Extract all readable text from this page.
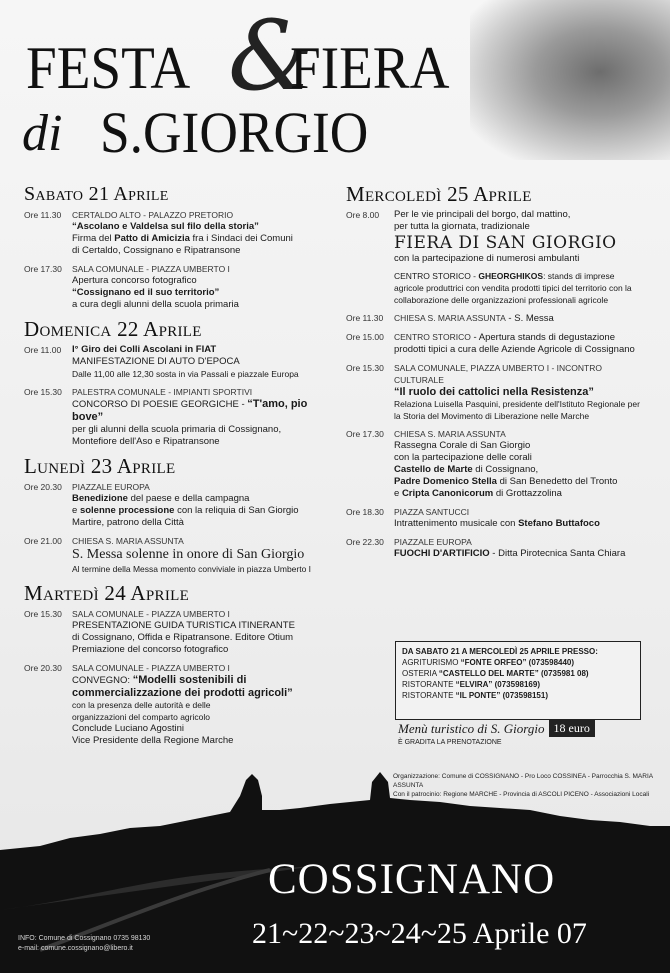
FESTA &
FIERA
di S.GIORGIO
Sabato 21 Aprile
Ore 11.30	CERTALDO ALTO - PALAZZO PRETORIO
“Ascolano e Valdelsa sul filo della storia”
Firma del Patto di Amicizia fra i Sindaci dei Comuni
di Certaldo, Cossignano e Ripatransone
Ore 17.30	SALA COMUNALE - PIAZZA UMBERTO I
Apertura concorso fotografico
“Cossignano ed il suo territorio”
a cura degli alunni della scuola primaria
Domenica 22 Aprile
Ore 11.00	I° Giro dei Colli Ascolani in FIAT
MANIFESTAZIONE DI AUTO D'EPOCA
Dalle 11,00 alle 12,30 sosta in via Passali e piazzale Europa
Ore 15.30	PALESTRA COMUNALE - IMPIANTI SPORTIVI
CONCORSO DI POESIE GEORGICHE - “T'amo, pio bove”
per gli alunni della scuola primaria di Cossignano, Montefiore dell'Aso e Ripatransone
Lunedì 23 Aprile
Ore 20.30	PIAZZALE EUROPA
Benedizione del paese e della campagna
e solenne processione con la reliquia di San Giorgio Martire, patrono della Città
Ore 21.00	CHIESA S. MARIA ASSUNTA
S. Messa solenne in onore di San Giorgio
Al termine della Messa momento conviviale in piazza Umberto I
Martedì 24 Aprile
Ore 15.30	SALA COMUNALE - PIAZZA UMBERTO I
PRESENTAZIONE GUIDA TURISTICA ITINERANTE
di Cossignano, Offida e Ripatransone. Editore Otium
Premiazione del concorso fotografico
Ore 20.30	SALA COMUNALE - PIAZZA UMBERTO I
CONVEGNO: “Modelli sostenibili di
commercializzazione dei prodotti agricoli”
con la presenza delle autorità e delle
organizzazioni del comparto agricolo
Conclude Luciano Agostini
Vice Presidente della Regione Marche
Mercoledì 25 Aprile
Ore 8.00	Per le vie principali del borgo, dal mattino,
per tutta la giornata, tradizionale
FIERA DI SAN GIORGIO
con la partecipazione di numerosi ambulanti
CENTRO STORICO - GHEORGHIKOS: stands di imprese agricole produttrici con vendita prodotti tipici del territorio con la collaborazione delle organizzazioni professionali agricole
Ore 11.30	CHIESA S. MARIA ASSUNTA - S. Messa
Ore 15.00	CENTRO STORICO - Apertura stands di degustazione prodotti tipici a cura delle Aziende Agricole di Cossignano
Ore 15.30	SALA COMUNALE, PIAZZA UMBERTO I - INCONTRO CULTURALE
“Il ruolo dei cattolici nella Resistenza”
Relaziona Luisella Pasquini, presidente dell'Istituto Regionale per la Storia del Movimento di Liberazione nelle Marche
Ore 17.30	CHIESA S. MARIA ASSUNTA
Rassegna Corale di San Giorgio
con la partecipazione delle corali
Castello de Marte di Cossignano,
Padre Domenico Stella di San Benedetto del Tronto
e Cripta Canonicorum di Grottazzolina
Ore 18.30	PIAZZA SANTUCCI
Intrattenimento musicale con Stefano Buttafoco
Ore 22.30	PIAZZALE EUROPA
FUOCHI D'ARTIFICIO - Ditta Pirotecnica Santa Chiara
DA SABATO 21 A MERCOLEDÌ 25 APRILE PRESSO:
AGRITURISMO “FONTE ORFEO” (073598440)
OSTERIA “CASTELLO DEL MARTE” (0735981 08)
RISTORANTE “ELVIRA” (073598169)
RISTORANTE “IL PONTE” (073598151)
Menù turistico di S. Giorgio 18 euro
È GRADITA LA PRENOTAZIONE
Organizzazione: Comune di COSSIGNANO - Pro Loco COSSINEA - Parrocchia S. MARIA ASSUNTA
Con il patrocinio: Regione MARCHE - Provincia di ASCOLI PICENO - Associazioni Locali
COSSIGNANO
21~22~23~24~25 Aprile 07
INFO: Comune di Cossignano 0735 98130
e-mail: comune.cossignano@libero.it
